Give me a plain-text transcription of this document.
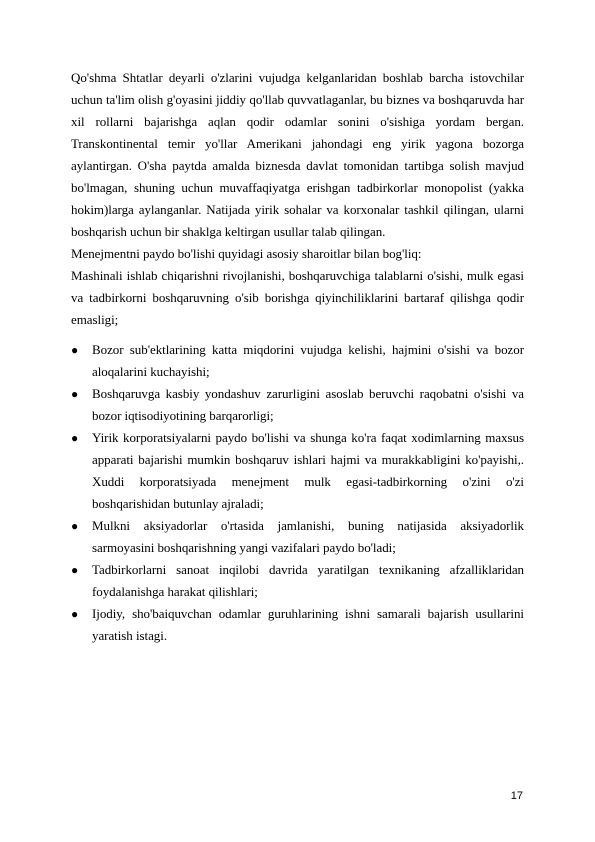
Qo'shma Shtatlar deyarli o'zlarini vujudga kelganlaridan boshlab barcha istovchilar uchun ta'lim olish g'oyasini jiddiy qo'llab quvvatlaganlar, bu biznes va boshqaruvda har xil rollarni bajarishga aqlan qodir odamlar sonini o'sishiga yordam bergan. Transkontinental temir yo'llar Amerikani jahondagi eng yirik yagona bozorga aylantirgan. O'sha paytda amalda biznesda davlat tomonidan tartibga solish mavjud bo'lmagan, shuning uchun muvaffaqiyatga erishgan tadbirkorlar monopolist (yakka hokim)larga aylanganlar. Natijada yirik sohalar va korxonalar tashkil qilingan, ularni boshqarish uchun bir shaklga keltirgan usullar talab qilingan.

Menejmentni paydo bo'lishi quyidagi asosiy sharoitlar bilan bog'liq:

Mashinali ishlab chiqarishni rivojlanishi, boshqaruvchiga talablarni o'sishi, mulk egasi va tadbirkorni boshqaruvning o'sib borishga qiyinchiliklarini bartaraf qilishga qodir emasligi;

●	Bozor sub'ektlarining katta miqdorini vujudga kelishi, hajmini o'sishi va bozor aloqalarini kuchayishi;
●	Boshqaruvga kasbiy yondashuv zarurligini asoslab beruvchi raqobatni o'sishi va bozor iqtisodiyotining barqarorligi;
●	Yirik korporatsiyalarni paydo bo'lishi va shunga ko'ra faqat xodimlarning maxsus apparati bajarishi mumkin boshqaruv ishlari hajmi va murakkabligini ko'payishi,. Xuddi korporatsiyada menejment mulk egasi-tadbirkorning o'zini o'zi boshqarishidan butunlay ajraladi;
●	Mulkni aksiyadorlar o'rtasida jamlanishi, buning natijasida aksiyadorlik sarmoyasini boshqarishning yangi vazifalari paydo bo'ladi;
●	Tadbirkorlarni sanoat inqilobi davrida yaratilgan texnikaning afzalliklaridan foydalanishga harakat qilishlari;
●	Ijodiy, sho'baiquvchan odamlar guruhlarining ishni samarali bajarish usullarini yaratish istagi.
17
